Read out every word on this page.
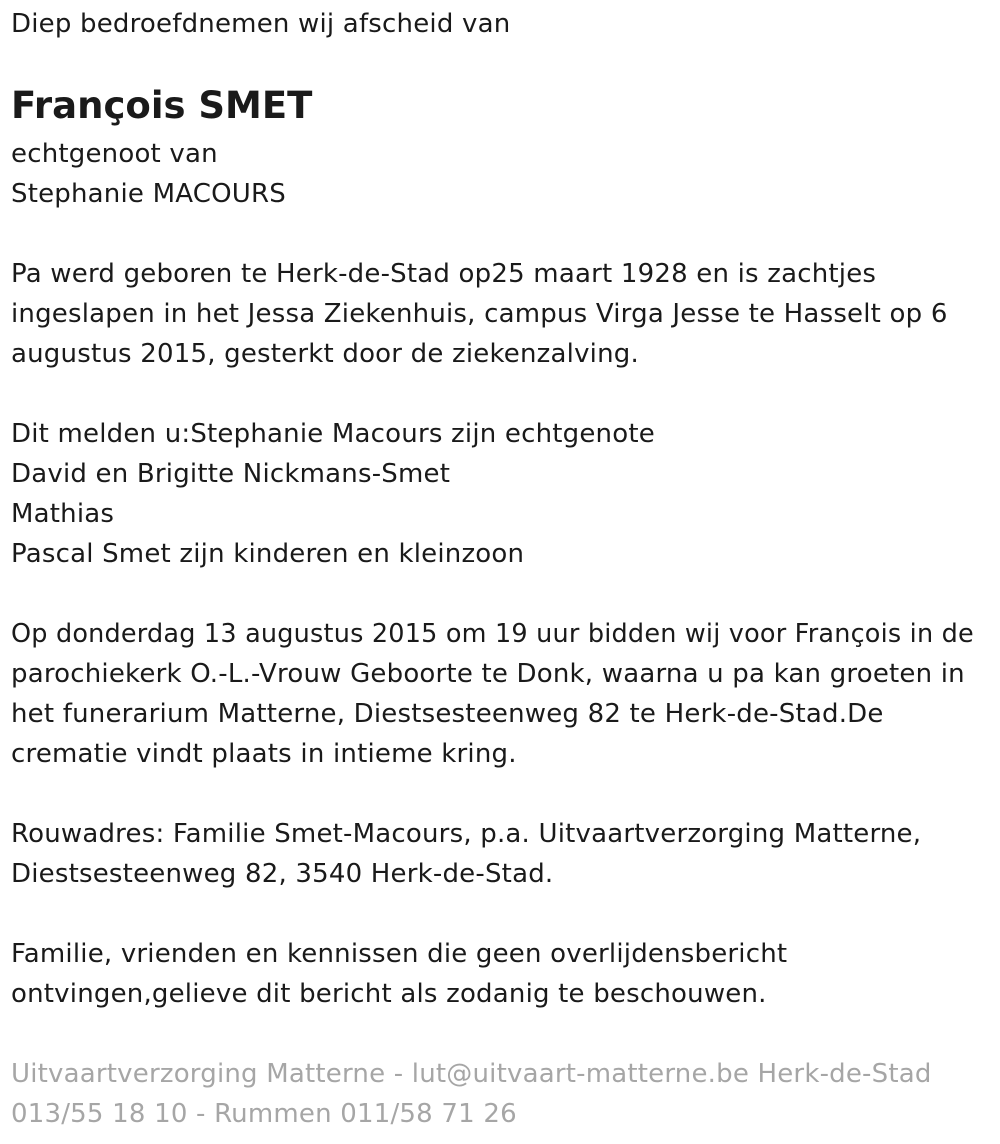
Diep bedroefdnemen wij afscheid van
François SMET
echtgenoot van
Stephanie MACOURS
Pa werd geboren te Herk-de-Stad op25 maart 1928 en is zachtjes
ingeslapen in het Jessa Ziekenhuis, campus Virga Jesse te Hasselt op 6
augustus 2015, gesterkt door de ziekenzalving.
Dit melden u:Stephanie Macours zijn echtgenote
David en Brigitte Nickmans-Smet
Mathias
Pascal Smet zijn kinderen en kleinzoon
Op donderdag 13 augustus 2015 om 19 uur bidden wij voor François in de
parochiekerk O.-L.-Vrouw Geboorte te Donk, waarna u pa kan groeten in
het funerarium Matterne, Diestsesteenweg 82 te Herk-de-Stad.De
crematie vindt plaats in intieme kring.
Rouwadres: Familie Smet-Macours, p.a. Uitvaartverzorging Matterne,
Diestsesteenweg 82, 3540 Herk-de-Stad.
Familie, vrienden en kennissen die geen overlijdensbericht
ontvingen,gelieve dit bericht als zodanig te beschouwen.
Uitvaartverzorging Matterne - lut@uitvaart-matterne.be Herk-de-Stad
013/55 18 10 - Rummen 011/58 71 26
